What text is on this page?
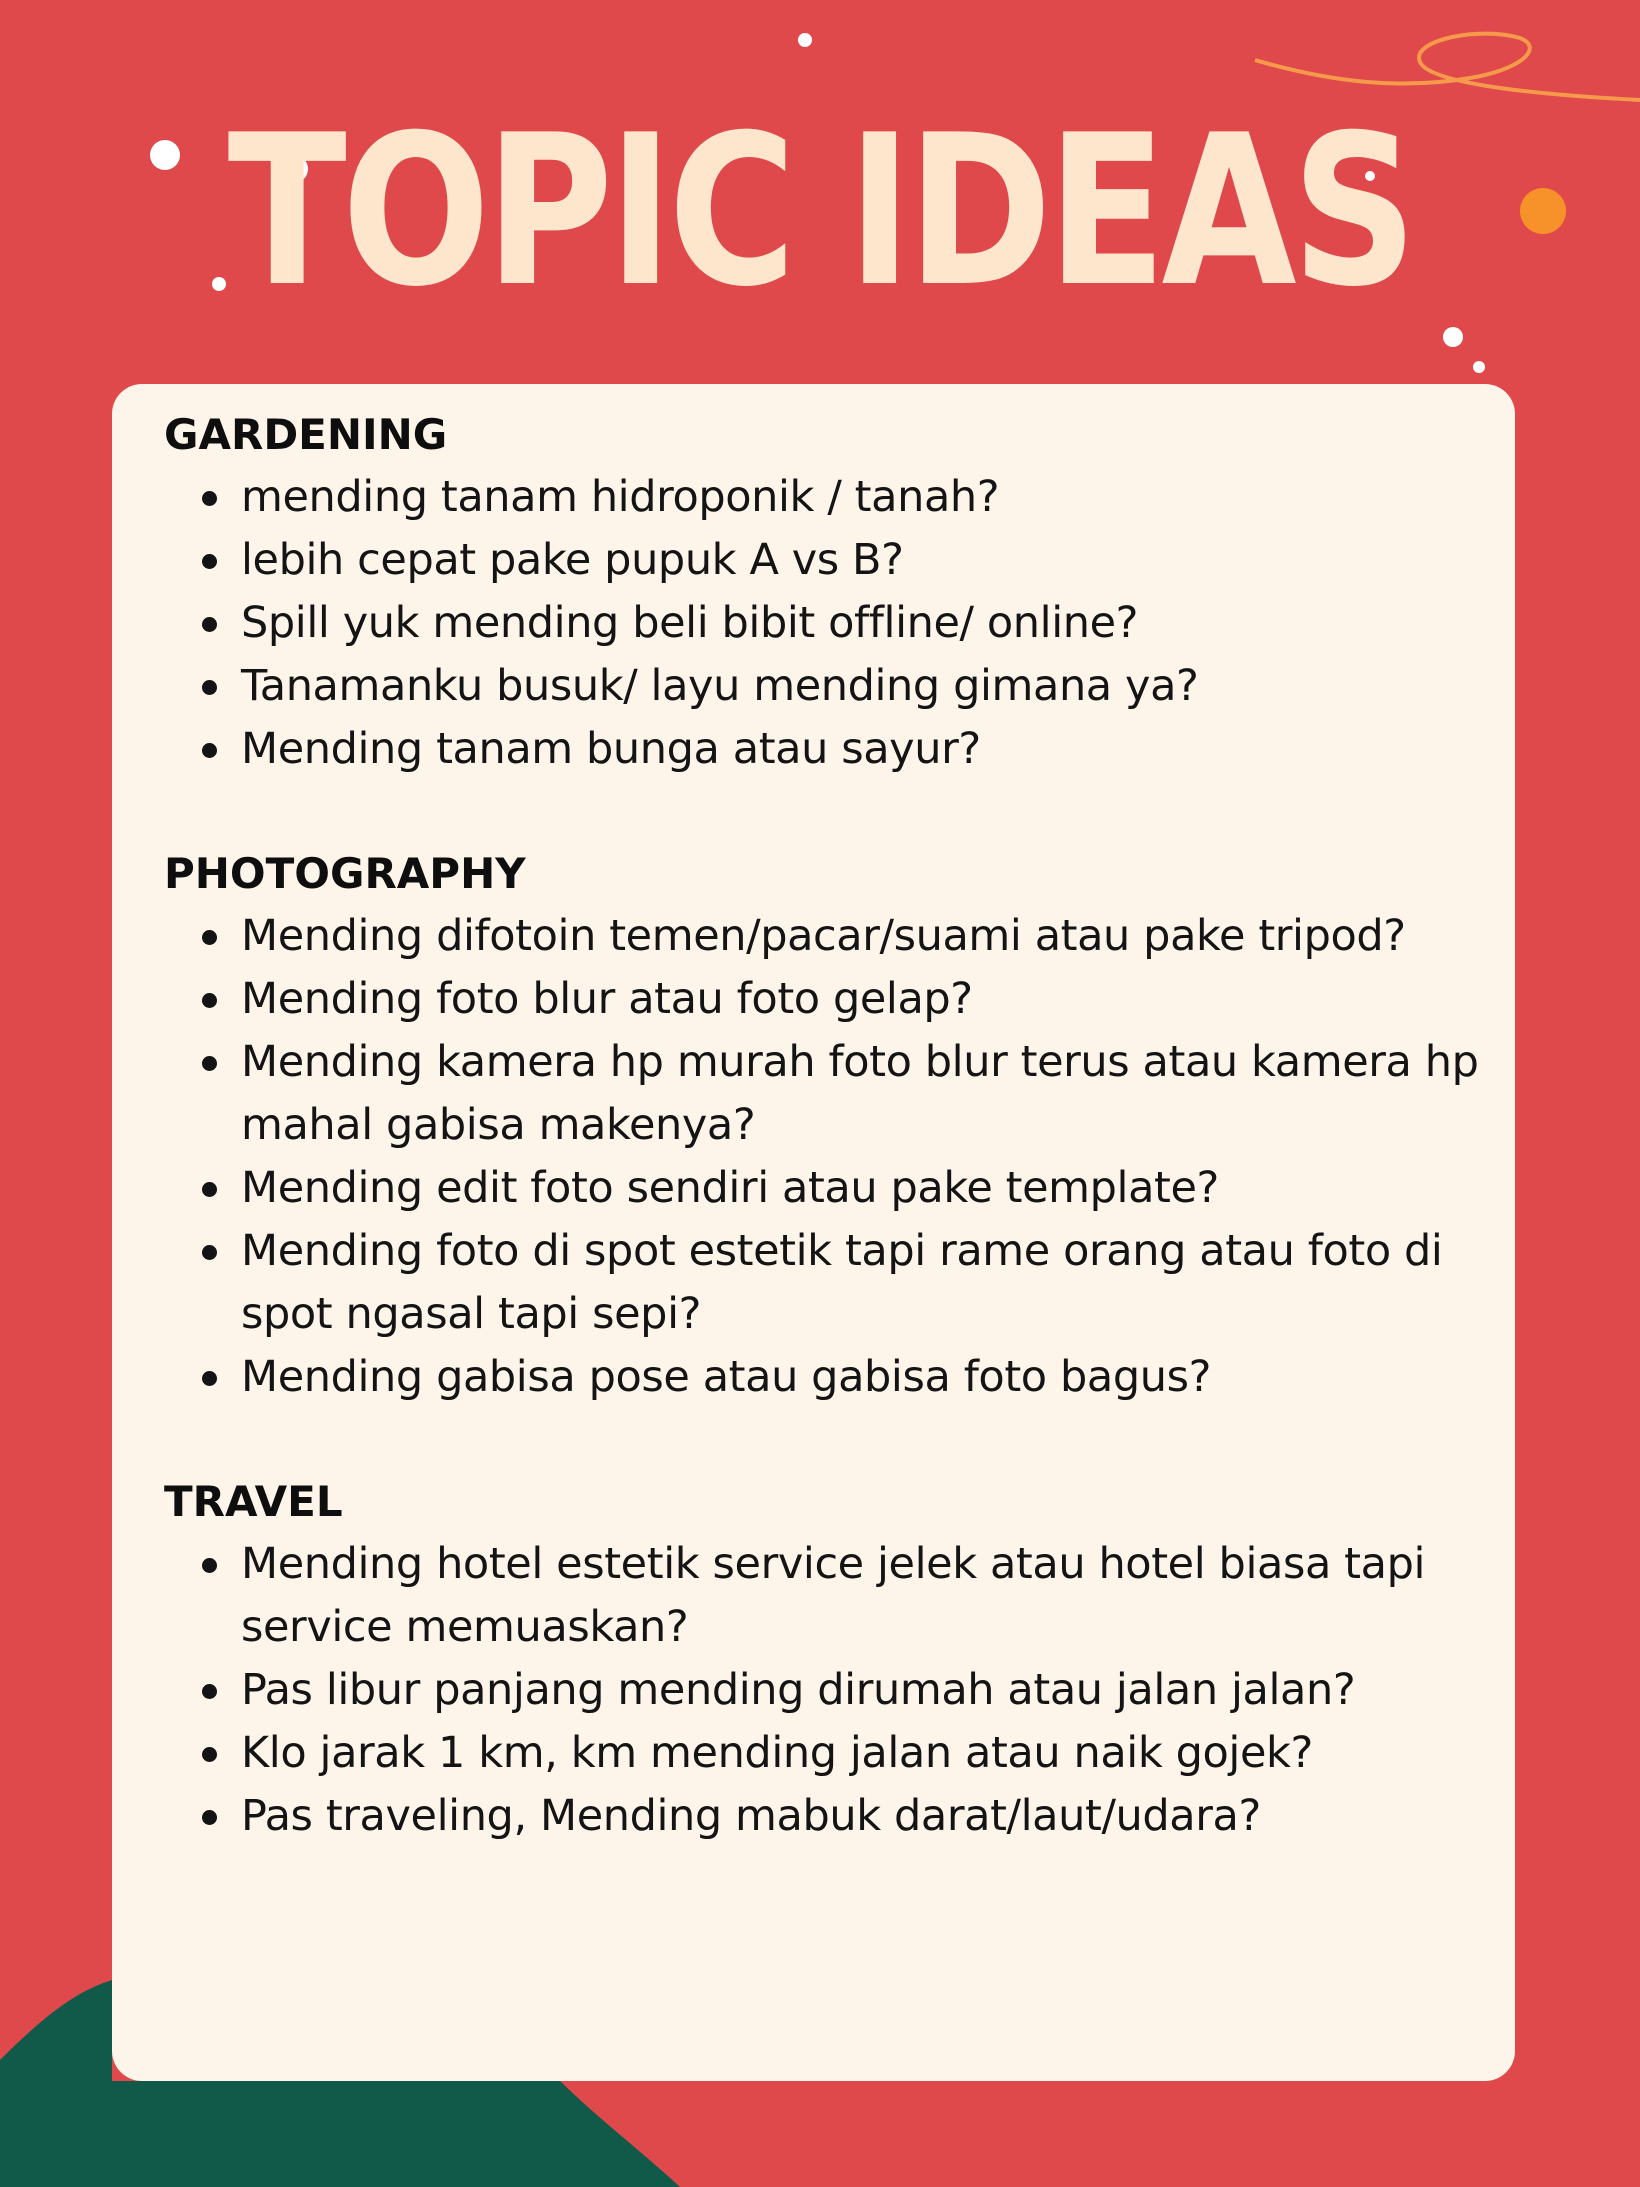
TOPIC IDEAS
GARDENING
mending tanam hidroponik / tanah?
lebih cepat pake pupuk A vs B?
Spill yuk mending beli bibit offline/ online?
Tanamanku busuk/ layu mending gimana ya?
Mending tanam bunga atau sayur?
PHOTOGRAPHY
Mending difotoin temen/pacar/suami atau pake tripod?
Mending foto blur atau foto gelap?
Mending kamera hp murah foto blur terus atau kamera hp mahal gabisa makenya?
Mending edit foto sendiri atau pake template?
Mending foto di spot estetik tapi rame orang atau foto di spot ngasal tapi sepi?
Mending gabisa pose atau gabisa foto bagus?
TRAVEL
Mending hotel estetik service jelek atau hotel biasa tapi service memuaskan?
Pas libur panjang mending dirumah atau jalan jalan?
Klo jarak 1 km, km mending jalan atau naik gojek?
Pas traveling, Mending mabuk darat/laut/udara?
